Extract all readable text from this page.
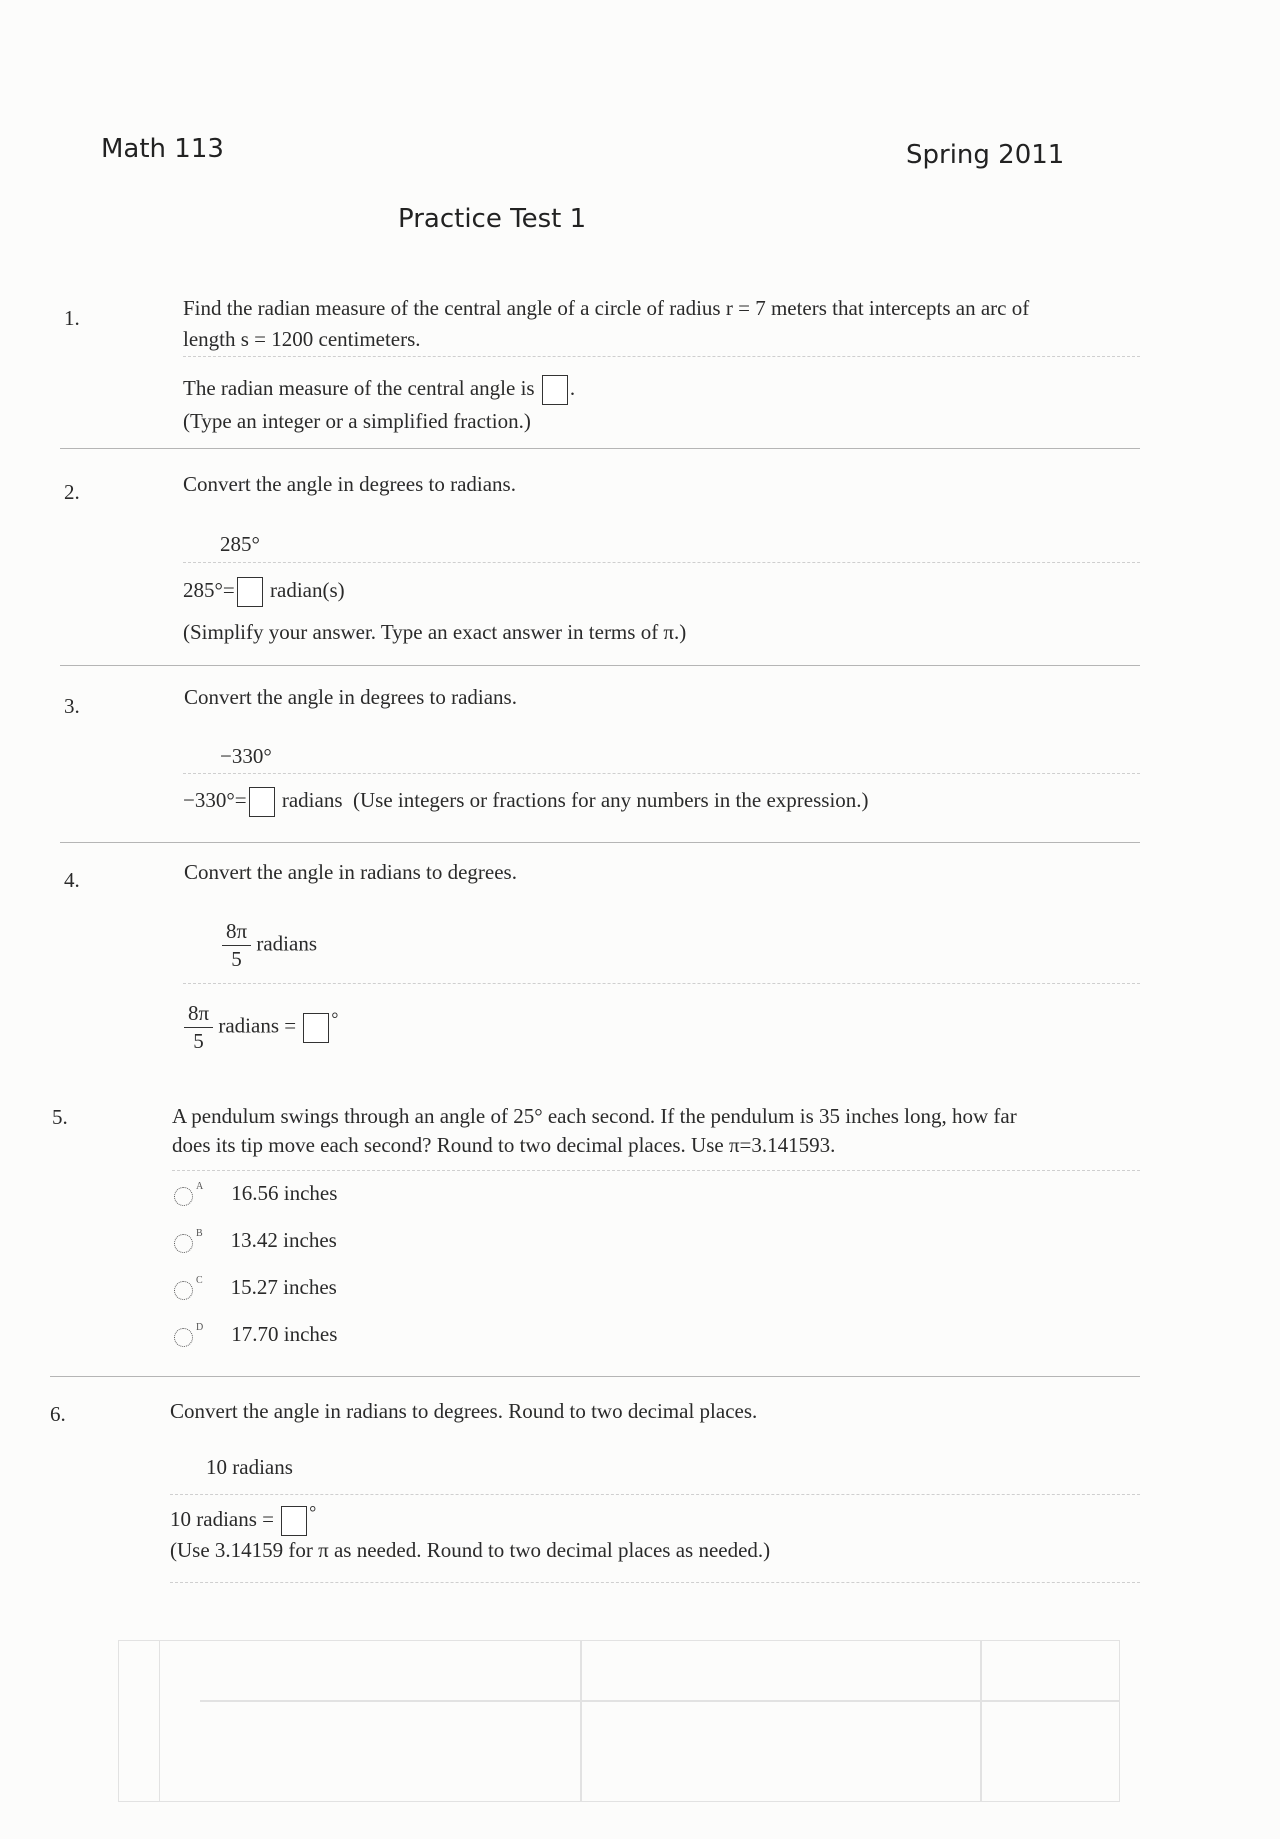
Math 113	Spring 2011
Practice Test 1
1.	Find the radian measure of the central angle of a circle of radius r = 7 meters that intercepts an arc of
length s = 1200 centimeters.
The radian measure of the central angle is .
(Type an integer or a simplified fraction.)
2.	Convert the angle in degrees to radians.
285°
285°= radian(s)
(Simplify your answer. Type an exact answer in terms of π.)
3.	Convert the angle in degrees to radians.
−330°
−330°= radians (Use integers or fractions for any numbers in the expression.)
4.	Convert the angle in radians to degrees.
$\frac{8\pi}{5}$ radians
$\frac{8\pi}{5}$ radians = °
5.	A pendulum swings through an angle of 25° each second. If the pendulum is 35 inches long, how far
does its tip move each second? Round to two decimal places. Use π=3.141593.
$^A$ 16.56 inches
$^B$ 13.42 inches
$^C$ 15.27 inches
$^D$ 17.70 inches
6.	Convert the angle in radians to degrees. Round to two decimal places.
10 radians
10 radians = °
(Use 3.14159 for π as needed. Round to two decimal places as needed.)
